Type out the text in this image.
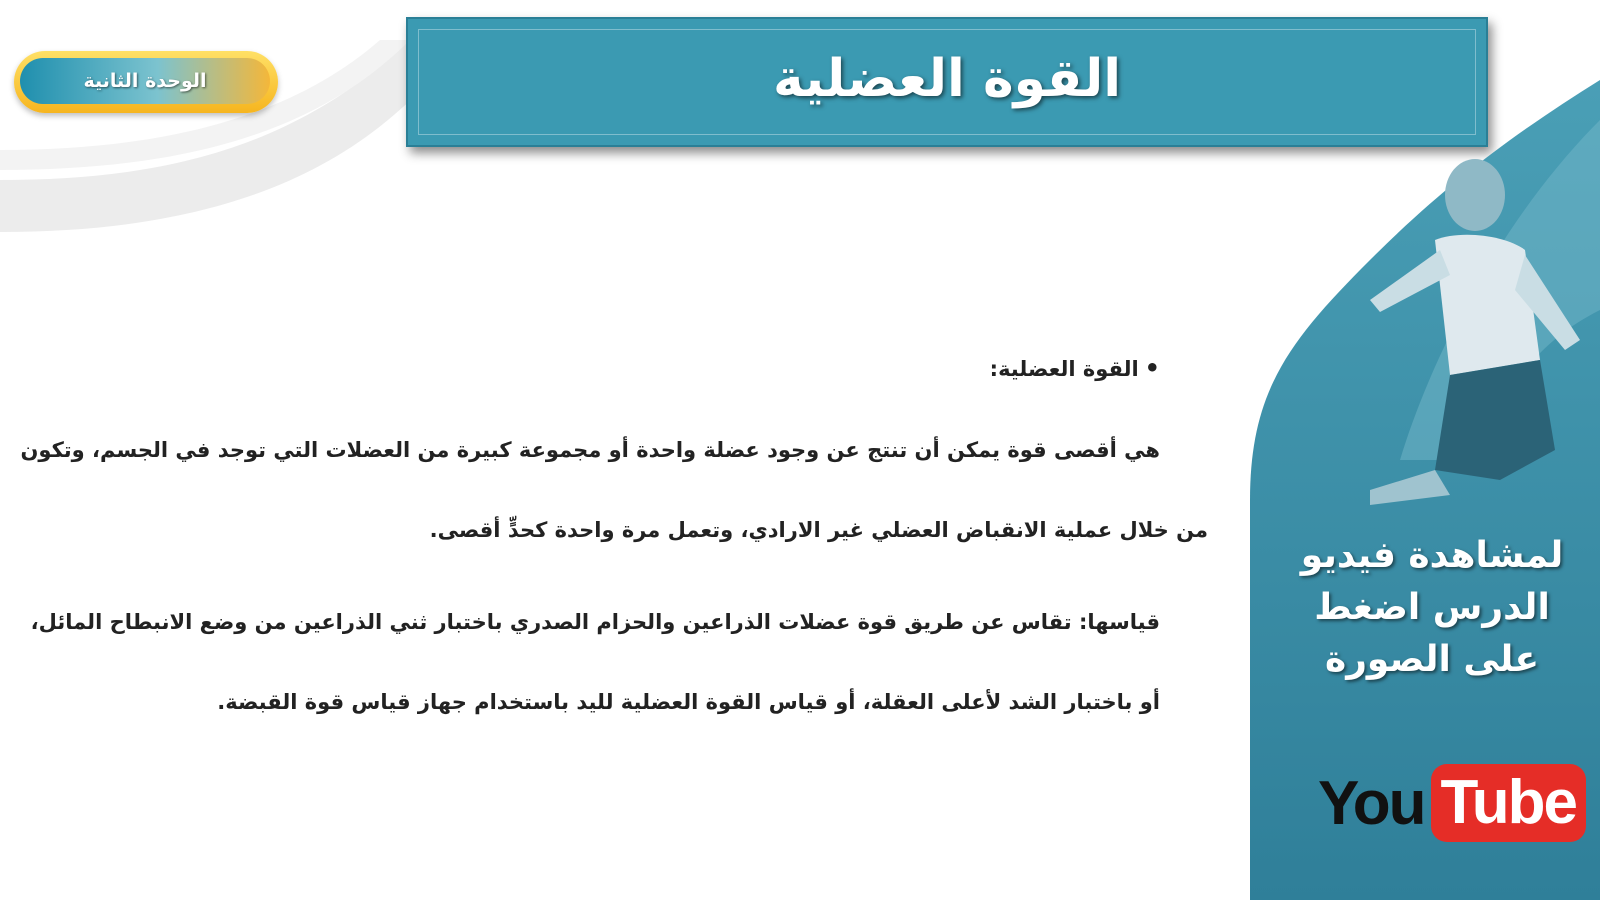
الوحدة الثانية	القوة العضلية
لمشاهدة فيديو الدرس اضغط على الصورة
You Tube
•القوة العضلية:
هي أقصى قوة يمكن أن تنتج عن وجود عضلة واحدة أو مجموعة كبيرة من العضلات التي توجد في الجسم، وتكون
من خلال عملية الانقباض العضلي غير الارادي، وتعمل مرة واحدة كحدٍّ أقصى.
قياسها: تقاس عن طريق قوة عضلات الذراعين والحزام الصدري باختبار ثني الذراعين من وضع الانبطاح المائل،
أو باختبار الشد لأعلى العقلة، أو قياس القوة العضلية لليد باستخدام جهاز قياس قوة القبضة.
